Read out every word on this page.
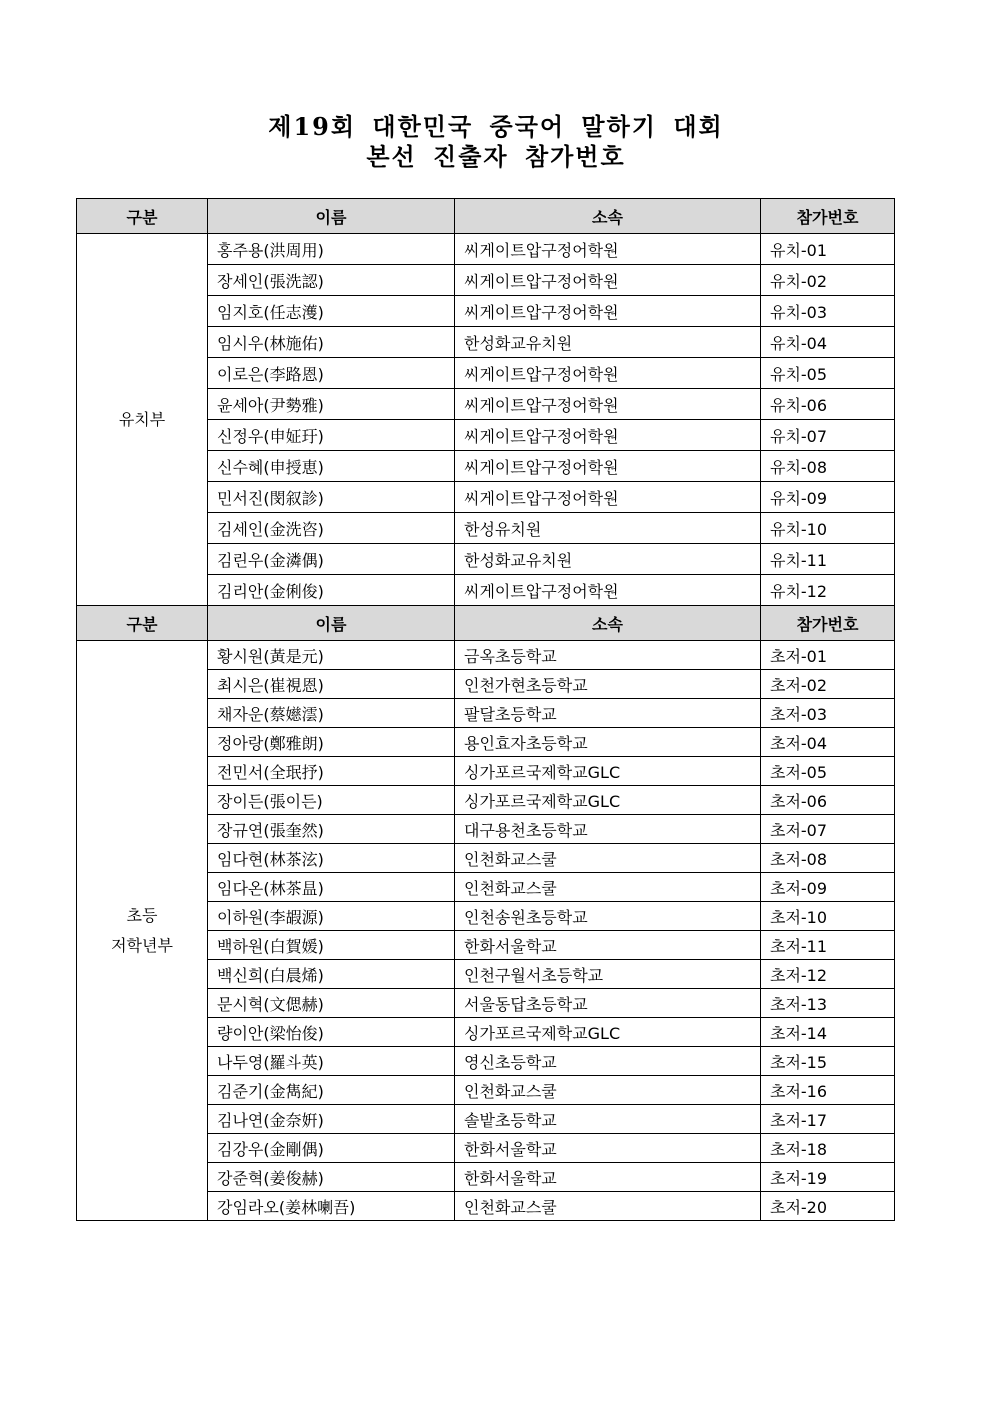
제19회 대한민국 중국어 말하기 대회
본선 진출자 참가번호
구분	이름	소속	참가번호

유치부	홍주용(洪周用)	씨게이트압구정어학원	유치-01
	장세인(張洗認)	씨게이트압구정어학원	유치-02
	임지호(任志濩)	씨게이트압구정어학원	유치-03
	임시우(林施佑)	한성화교유치원	유치-04
	이로은(李路恩)	씨게이트압구정어학원	유치-05
	윤세아(尹勢雅)	씨게이트압구정어학원	유치-06
	신정우(申姃玗)	씨게이트압구정어학원	유치-07
	신수혜(申授恵)	씨게이트압구정어학원	유치-08
	민서진(閔叙診)	씨게이트압구정어학원	유치-09
	김세인(金洗咨)	한성유치원	유치-10
	김린우(金潾偶)	한성화교유치원	유치-11
	김리안(金俐俊)	씨게이트압구정어학원	유치-12
구분	이름	소속	참가번호

초등
저학년부	황시원(黃是元)	금옥초등학교	초저-01
	최시은(崔視恩)	인천가현초등학교	초저-02
	채자운(蔡嬨澐)	팔달초등학교	초저-03
	정아랑(鄭雅朗)	용인효자초등학교	초저-04
	전민서(全珉抒)	싱가포르국제학교GLC	초저-05
	장이든(張이든)	싱가포르국제학교GLC	초저-06
	장규연(張奎然)	대구용천초등학교	초저-07
	임다현(林茶泫)	인천화교스쿨	초저-08
	임다온(林茶昷)	인천화교스쿨	초저-09
	이하원(李嘏源)	인천송원초등학교	초저-10
	백하원(白賀媛)	한화서울학교	초저-11
	백신희(白晨烯)	인천구월서초등학교	초저-12
	문시혁(文偲赫)	서울동답초등학교	초저-13
	량이안(梁怡俊)	싱가포르국제학교GLC	초저-14
	나두영(羅斗英)	영신초등학교	초저-15
	김준기(金雋紀)	인천화교스쿨	초저-16
	김나연(金奈姸)	솔밭초등학교	초저-17
	김강우(金剛偶)	한화서울학교	초저-18
	강준혁(姜俊赫)	한화서울학교	초저-19
	강임라오(姜林喇吾)	인천화교스쿨	초저-20
